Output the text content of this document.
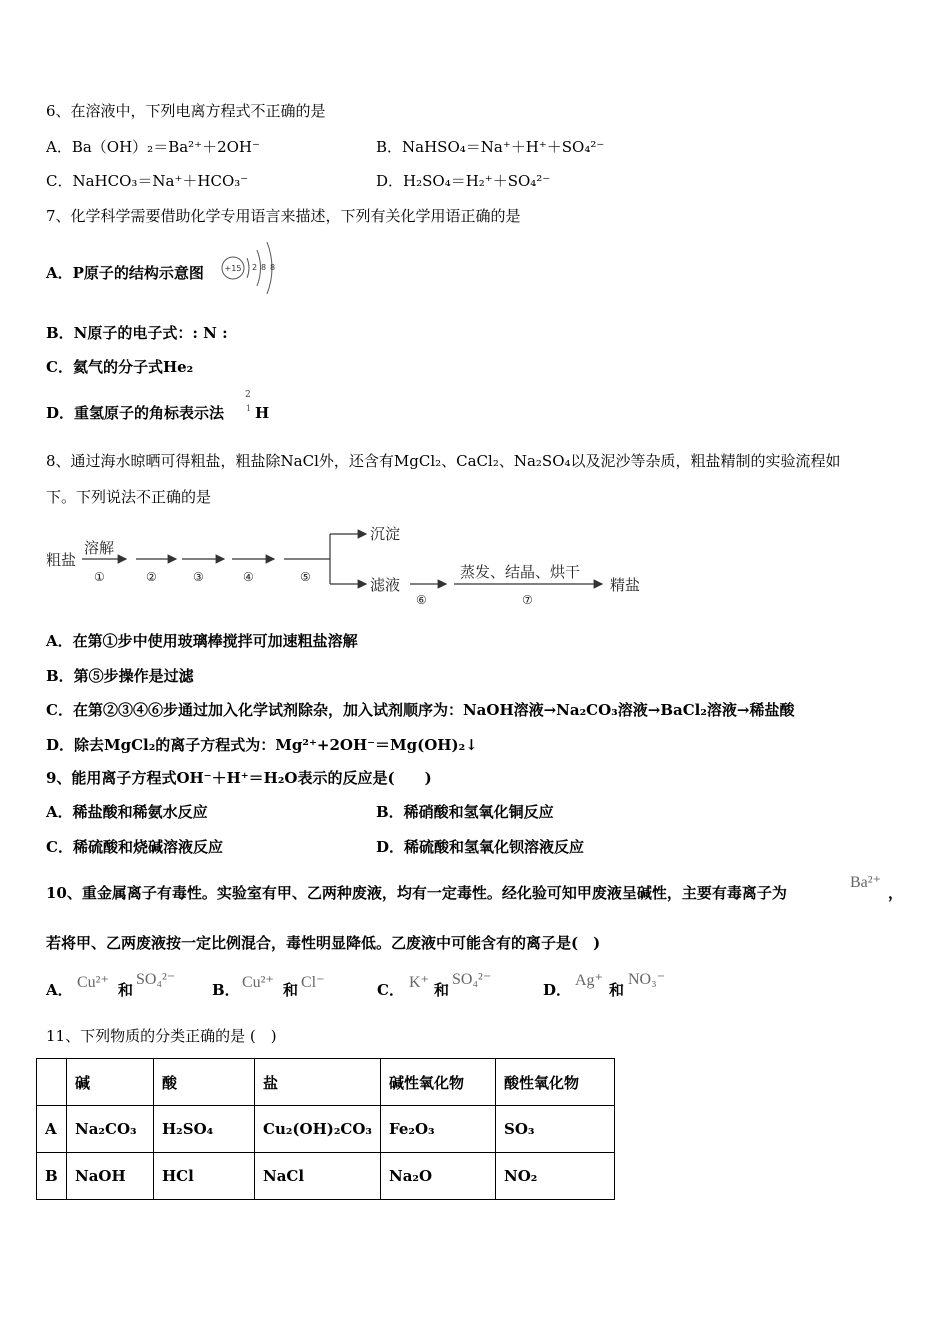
6、在溶液中，下列电离方程式不正确的是
A．Ba（OH）₂＝Ba²⁺＋2OH⁻	B．NaHSO₄＝Na⁺＋H⁺＋SO₄²⁻
C．NaHCO₃＝Na⁺＋HCO₃⁻	D．H₂SO₄＝H₂⁺＋SO₄²⁻
7、化学科学需要借助化学专用语言来描述，下列有关化学用语正确的是
A．P原子的结构示意图	+15 2 8 8
B．N原子的电子式：: N :
C．氦气的分子式He₂
D．重氢原子的角标表示法
2
1 H
8、通过海水晾晒可得粗盐，粗盐除NaCl外，还含有MgCl₂、CaCl₂、Na₂SO₄以及泥沙等杂质，粗盐精制的实验流程如
下。下列说法不正确的是
粗盐
溶解
①	②	③	④	⑤
沉淀
滤液
⑥
蒸发、结晶、烘干
⑦
精盐
A．在第①步中使用玻璃棒搅拌可加速粗盐溶解
B．第⑤步操作是过滤
C．在第②③④⑥步通过加入化学试剂除杂，加入试剂顺序为：NaOH溶液→Na₂CO₃溶液→BaCl₂溶液→稀盐酸
D．除去MgCl₂的离子方程式为：Mg²⁺+2OH⁻＝Mg(OH)₂↓
9、能用离子方程式OH⁻＋H⁺＝H₂O表示的反应是(　　)
A．稀盐酸和稀氨水反应	B．稀硝酸和氢氧化铜反应
C．稀硫酸和烧碱溶液反应	D．稀硫酸和氢氧化钡溶液反应
10、重金属离子有毒性。实验室有甲、乙两种废液，均有一定毒性。经化验可知甲废液呈碱性，主要有毒离子为
Ba²⁺
，
若将甲、乙两废液按一定比例混合，毒性明显降低。乙废液中可能含有的离子是(　)
A． Cu²⁺ 和
SO₄²⁻
B． Cu²⁺ 和 Cl⁻	C． K⁺ 和
SO₄²⁻
D．
Ag⁺
和
NO₃⁻
11、下列物质的分类正确的是 (　)
	碱	酸	盐	碱性氧化物	酸性氧化物
A	Na₂CO₃	H₂SO₄	Cu₂(OH)₂CO₃	Fe₂O₃	SO₃
B	NaOH	HCl	NaCl	Na₂O	NO₂
